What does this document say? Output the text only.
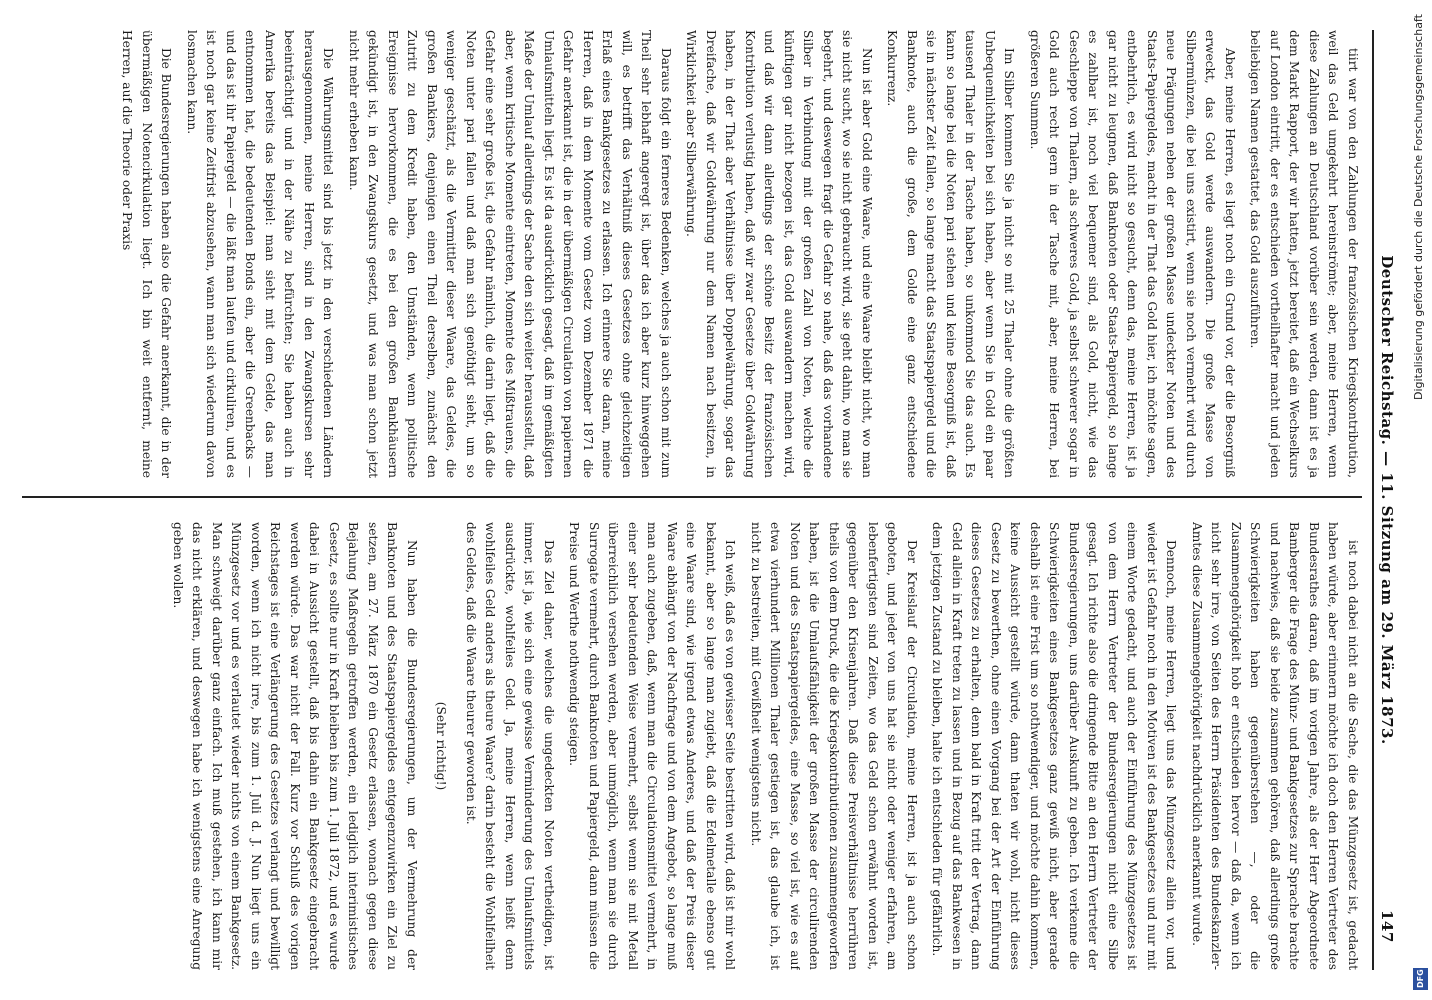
Deutscher Reichstag. — 11. Sitzung am 29. März 1873.
147

tiirt war von den Zahlungen der französischen Kriegskontribution, weil das Geld umgekehrt hereinströmte; aber, meine Herren, wenn diese Zahlungen an Deutschland vorüber sein werden, dann ist es ja dem Markt Rapport, der wir hatten, jetzt bereitet, daß ein Wechselkurs auf London eintritt, der es entschieden vortheilhafter macht und jeden beliebigen Namen gestattet, das Gold auszuführen.

Aber, meine Herren, es liegt noch ein Grund vor, der die Besorgniß erweckt, das Gold werde auswandern. Die große Masse von Silbermünzen, die bei uns existirt, wenn sie noch vermehrt wird durch neue Prägungen neben der großen Masse undeckter Noten und des Staats-Papiergeldes, macht in der That das Gold hier, ich möchte sagen, entbehrlich, es wird nicht so gesucht, denn das, meine Herren, ist ja gar nicht zu leugnen, daß Banknoten oder Staats-Papiergeld, so lange es zahlbar ist, noch viel bequemer sind, als Gold, nicht, wie das Geschleppe von Thalern, als schweres Gold, ja selbst schwerer sogar in Gold auch recht gern in der Tasche mit, aber, meine Herren, bei größeren Summen.

Im Silber kommen Sie ja nicht so mit 25 Thaler ohne die größten Unbequemlichkeiten bei sich haben, aber wenn Sie in Gold ein paar tausend Thaler in der Tasche haben, so unkommod Sie das auch. Es kann so lange bei die Noten pari stehen und keine Besorgniß ist, daß sie in nächster Zeit fallen, so lange macht das Staatspapiergeld und die Banknote, auch die große, dem Golde eine ganz entschiedene Konkurrenz.

Nun ist aber Gold eine Waare, und eine Waare bleibt nicht, wo man sie nicht sucht, wo sie nicht gebraucht wird, sie geht dahin, wo man sie begehrt, und deswegen fragt die Gefahr so nahe, daß das vorhandene Silber in Verbindung mit der großen Zahl von Noten, welche die künftigen gar nicht bezogen ist, das Gold auswandern machen wird, und daß wir dann allerdings der schöne Besitz der französischen Kontribution verlustig haben, daß wir zwar Gesetze über Goldwährung haben, in der That aber Verhältnisse über Doppelwährung, sogar das Dreifache, daß wir Goldwährung nur dem Namen nach besitzen, in Wirklichkeit aber Silberwährung.

Daraus folgt ein ferneres Bedenken, welches ja auch schon mit zum Theil sehr lebhaft angeregt ist, über das ich aber kurz hinweggehen will, es betrifft das Verhältniß dieses Gesetzes ohne gleichzeitigen Erlaß eines Bankgesetzes zu erlassen. Ich erinnere Sie daran, meine Herren, daß in dem Momente vom Gesetz vom Dezember 1871 die Gefahr anerkannt ist, die in der übermäßigen Circulation von papiernen Umlaufsmitteln liegt. Es ist da ausdrücklich gesagt, daß im gemäßigten Maße der Umlauf allerdings der Sache den sich weiter herausstellt, daß aber, wenn kritische Momente eintreten, Momente des Mißtrauens, die Gefahr eine sehr große ist, die Gefahr nämlich, die darin liegt, daß die Noten unter pari fallen und daß man sich genöthigt sieht, um so weniger geschätzt, als die Vermittler dieser Waare, das Geldes, die großen Bankiers, denjenigen einen Theil derselben, zunächst den Zutritt zu dem Kredit haben, den Umständen, wenn politische Ereignisse hervorkommen, die es bei den großen Bankhäusern gekündigt ist, in den Zwangskurs gesetzt, und was man schon jetzt nicht mehr erheben kann.

Die Währungsmittel sind bis jetzt in den verschiedenen Ländern herausgenommen, meine Herren, sind in den Zwangskursen sehr beeinträchtigt und in der Nähe zu befürchten; Sie haben auch in Amerika bereits das Beispiel: man sieht mit dem Gelde, das man entnommen hat, die bedeutenden Bonds ein, aber die Greenbacks — und das ist ihr Papiergeld — die läßt man laufen und cirkuliren, und es ist noch gar keine Zeitfrist abzusehen, wann man sich wiederum davon losmachen kann.

Die Bundesregierungen haben also die Gefahr anerkannt, die in der übermäßigen Notencirkulation liegt. Ich bin weit entfernt, meine Herren, auf die Theorie oder Praxis

ist noch dabei nicht an die Sache, die das Münzgesetz ist, gedacht haben würde, aber erinnern möchte ich doch den Herren Vertreter des Bundesrathes daran, daß im vorigen Jahre, als der Herr Abgeordnete Bamberger die Frage des Münz- und Bankgesetzes zur Sprache brachte und nachwies, daß sie beide zusammen gehören, daß allerdings große Schwierigkeiten haben gegenüberstehen —, oder die Zusammengehörigkeit hob er entschieden hervor — daß da, wenn ich nicht sehr irre, von Seiten des Herrn Präsidenten des Bundeskanzler-Amtes diese Zusammengehörigkeit nachdrücklich anerkannt wurde.

Dennoch, meine Herren, liegt uns das Münzgesetz allein vor, und wieder ist Gefahr noch in den Motiven ist des Bankgesetzes und nur mit einem Worte gedacht, und auch der Einführung des Münzgesetzes ist von dem Herrn Vertreter der Bundesregierungen nicht eine Silbe gesagt. Ich richte also die dringende Bitte an den Herrn Vertreter der Bundesregierungen, uns darüber Auskunft zu geben. Ich verkenne die Schwierigkeiten eines Bankgesetzes ganz gewiß nicht, aber gerade deshalb ist eine Frist um so nothwendiger, und möchte dahin kommen, keine Aussicht gestellt würde, dann thaten wir wohl, nicht dieses Gesetz zu bewerthen, ohne einen Vorgang bei der Art der Einführung dieses Gesetzes zu erhalten, denn bald in Kraft tritt der Vertrag, dann Geld allein in Kraft treten zu lassen und in Bezug auf das Bankwesen in dem jetzigen Zustand zu bleiben, halte ich entschieden für gefährlich.

Der Kreislauf der Circulation, meine Herren, ist ja auch schon geboten, und jeder von uns hat sie nicht oder weniger erfahren, am lebenfertigsten sind Zeiten, wo das Geld schon erwähnt worden ist, gegenüber den Krisenjahren. Daß diese Preisverhältnisse herrühren theils von dem Druck, die die Kriegskontributionen zusammengeworfen haben, ist die Umlaufsfähigkeit der großen Masse der circulirenden Noten und des Staatspapiergeldes, eine Masse, so viel ist, wie es auf etwa vierhundert Millionen Thaler gestiegen ist, das glaube ich, ist nicht zu bestreiten, mit Gewißheit wenigstens nicht.

Ich weiß, daß es von gewisser Seite bestritten wird, daß ist mir wohl bekannt, aber so lange man zugiebt, daß die Edelmetalle ebenso gut eine Waare sind, wie irgend etwas Anderes, und daß der Preis dieser Waare abhängt von der Nachfrage und von dem Angebot, so lange muß man auch zugeben, daß, wenn man die Circulationsmittel vermehrt, in einer sehr bedeutenden Weise vermehrt, selbst wenn sie mit Metall überreichlich versehen werden, aber unmöglich, wenn man sie durch Surrogate vermehrt, durch Banknoten und Papiergeld, dann müssen die Preise und Werthe nothwendig steigen.

Das Ziel daher, welches die ungedeckten Noten vertheidigen, ist immer, ist ja, wie sich eine gewisse Verminderung des Umlaufsmittels ausdrückte, wohlfeiles Geld. Ja, meine Herren, wenn heißt denn wohlfeiles Geld anders als theure Waare? darin besteht die Wohlfeilheit des Geldes, daß die Waare theurer geworden ist.

(Sehr richtig!)

Nun haben die Bundesregierungen, um der Vermehrung der Banknoten und des Staatspapiergeldes entgegenzuwirken ein Ziel zu setzen, am 27. März 1870 ein Gesetz erlassen, wonach gegen diese Bejahung Maßregeln getroffen werden, ein lediglich interimistisches Gesetz, es sollte nur in Kraft bleiben bis zum 1. Juli 1872, und es wurde dabei in Aussicht gestellt, daß bis dahin ein Bankgesetz eingebracht werden würde. Das war nicht der Fall. Kurz vor Schluß des vorigen Reichstages ist eine Verlängerung des Gesetzes verlangt und bewilligt worden, wenn ich nicht irre, bis zum 1. Juli d. J. Nun liegt uns ein Münzgesetz vor und es verlautet wieder nichts von einem Bankgesetz. Man schweigt darüber ganz einfach. Ich muß gestehen, ich kann mir das nicht erklären, und deswegen habe ich wenigstens eine Anregung geben wollen.

Digitalisierung gefördert durch die Deutsche Forschungsgemeinschaft
DFG
